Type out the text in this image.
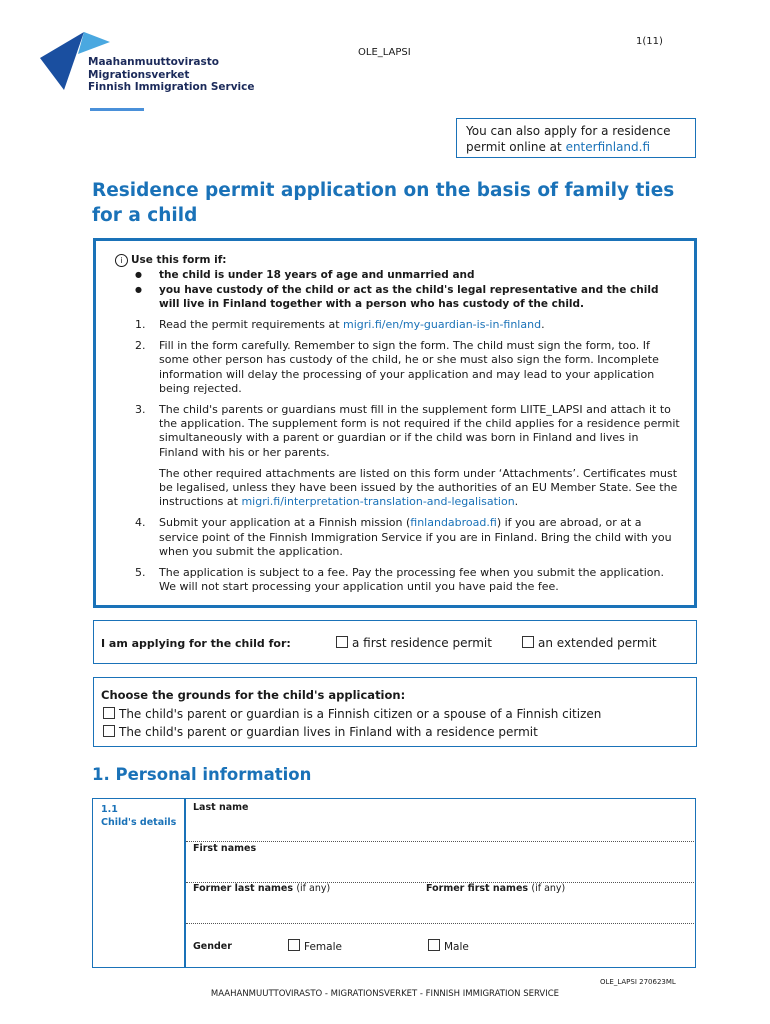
Maahanmuuttovirasto
Migrationsverket
Finnish Immigration Service
OLE_LAPSI
1(11)
You can also apply for a residence permit online at enterfinland.fi
Residence permit application on the basis of family ties for a child
i Use this form if:
● the child is under 18 years of age and unmarried and
● you have custody of the child or act as the child's legal representative and the child will live in Finland together with a person who has custody of the child.
1. Read the permit requirements at migri.fi/en/my-guardian-is-in-finland.
2. Fill in the form carefully. Remember to sign the form. The child must sign the form, too. If some other person has custody of the child, he or she must also sign the form. Incomplete information will delay the processing of your application and may lead to your application being rejected.
3. The child's parents or guardians must fill in the supplement form LIITE_LAPSI and attach it to the application. The supplement form is not required if the child applies for a residence permit simultaneously with a parent or guardian or if the child was born in Finland and lives in Finland with his or her parents.
The other required attachments are listed on this form under ‘Attachments’. Certificates must be legalised, unless they have been issued by the authorities of an EU Member State. See the instructions at migri.fi/interpretation-translation-and-legalisation.
4. Submit your application at a Finnish mission (finlandabroad.fi) if you are abroad, or at a service point of the Finnish Immigration Service if you are in Finland. Bring the child with you when you submit the application.
5. The application is subject to a fee. Pay the processing fee when you submit the application. We will not start processing your application until you have paid the fee.
I am applying for the child for:	a first residence permit	an extended permit
Choose the grounds for the child's application:
The child's parent or guardian is a Finnish citizen or a spouse of a Finnish citizen
The child's parent or guardian lives in Finland with a residence permit
1. Personal information
1.1
Child's details
Last name
First names
Former last names (if any)	Former first names (if any)
Gender	Female	Male
OLE_LAPSI 270623ML
MAAHANMUUTTOVIRASTO - MIGRATIONSVERKET - FINNISH IMMIGRATION SERVICE
